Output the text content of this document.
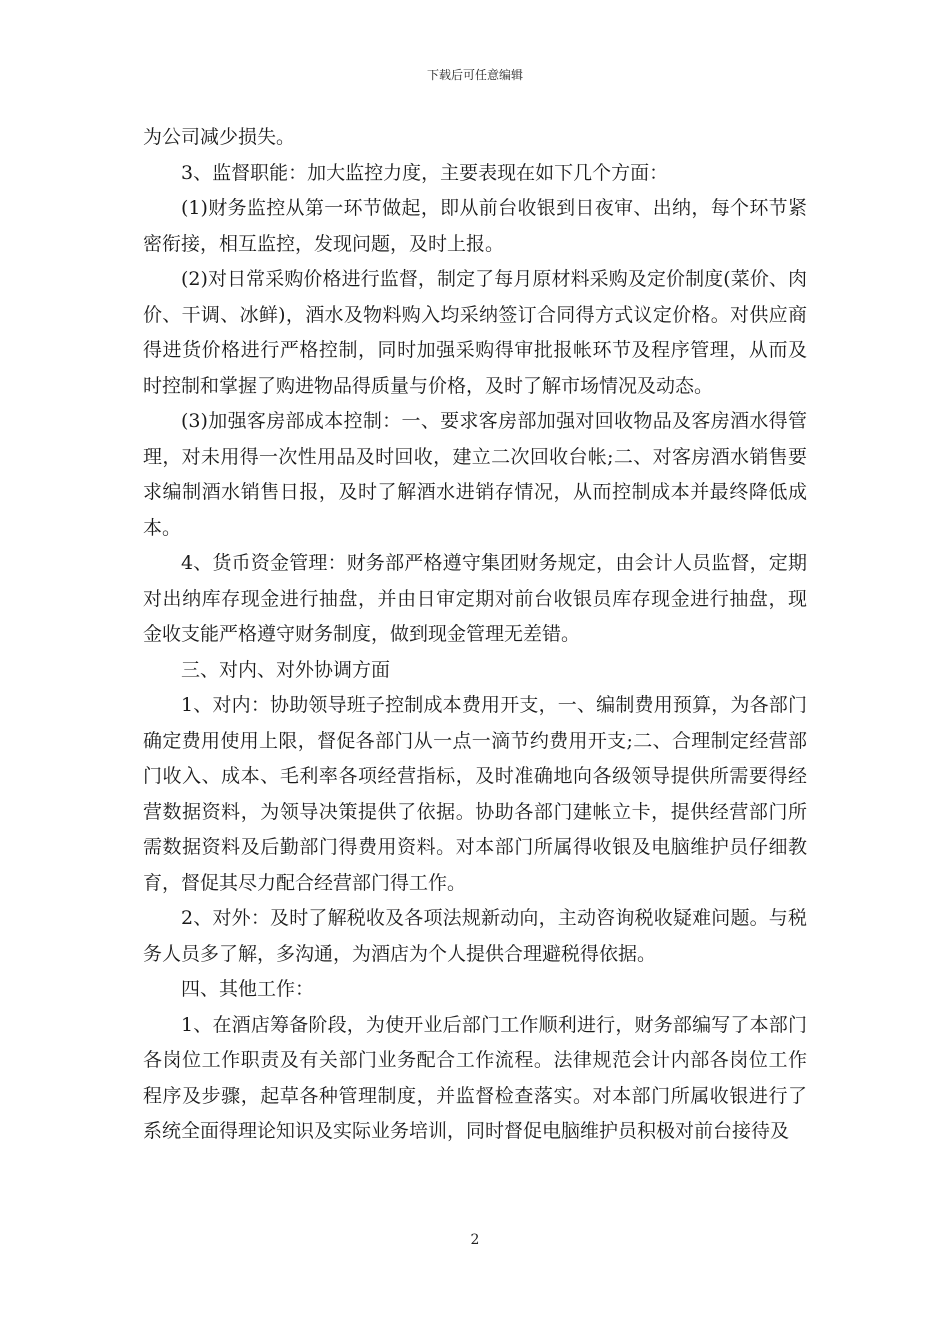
下载后可任意编辑

为公司减少损失。

3、监督职能：加大监控力度，主要表现在如下几个方面：

(1)财务监控从第一环节做起，即从前台收银到日夜审、出纳，每个环节紧密衔接，相互监控，发现问题，及时上报。

(2)对日常采购价格进行监督，制定了每月原材料采购及定价制度(菜价、肉价、干调、冰鲜)，酒水及物料购入均采纳签订合同得方式议定价格。对供应商得进货价格进行严格控制，同时加强采购得审批报帐环节及程序管理，从而及时控制和掌握了购进物品得质量与价格，及时了解市场情况及动态。

(3)加强客房部成本控制：一、要求客房部加强对回收物品及客房酒水得管理，对未用得一次性用品及时回收，建立二次回收台帐;二、对客房酒水销售要求编制酒水销售日报，及时了解酒水进销存情况，从而控制成本并最终降低成本。

4、货币资金管理：财务部严格遵守集团财务规定，由会计人员监督，定期对出纳库存现金进行抽盘，并由日审定期对前台收银员库存现金进行抽盘，现金收支能严格遵守财务制度，做到现金管理无差错。

三、对内、对外协调方面

1、对内：协助领导班子控制成本费用开支，一、编制费用预算，为各部门确定费用使用上限，督促各部门从一点一滴节约费用开支;二、合理制定经营部门收入、成本、毛利率各项经营指标，及时准确地向各级领导提供所需要得经营数据资料，为领导决策提供了依据。协助各部门建帐立卡，提供经营部门所需数据资料及后勤部门得费用资料。对本部门所属得收银及电脑维护员仔细教育，督促其尽力配合经营部门得工作。

2、对外：及时了解税收及各项法规新动向，主动咨询税收疑难问题。与税务人员多了解，多沟通，为酒店为个人提供合理避税得依据。

四、其他工作：

1、在酒店筹备阶段，为使开业后部门工作顺利进行，财务部编写了本部门各岗位工作职责及有关部门业务配合工作流程。法律规范会计内部各岗位工作程序及步骤，起草各种管理制度，并监督检查落实。对本部门所属收银进行了系统全面得理论知识及实际业务培训，同时督促电脑维护员积极对前台接待及

2
